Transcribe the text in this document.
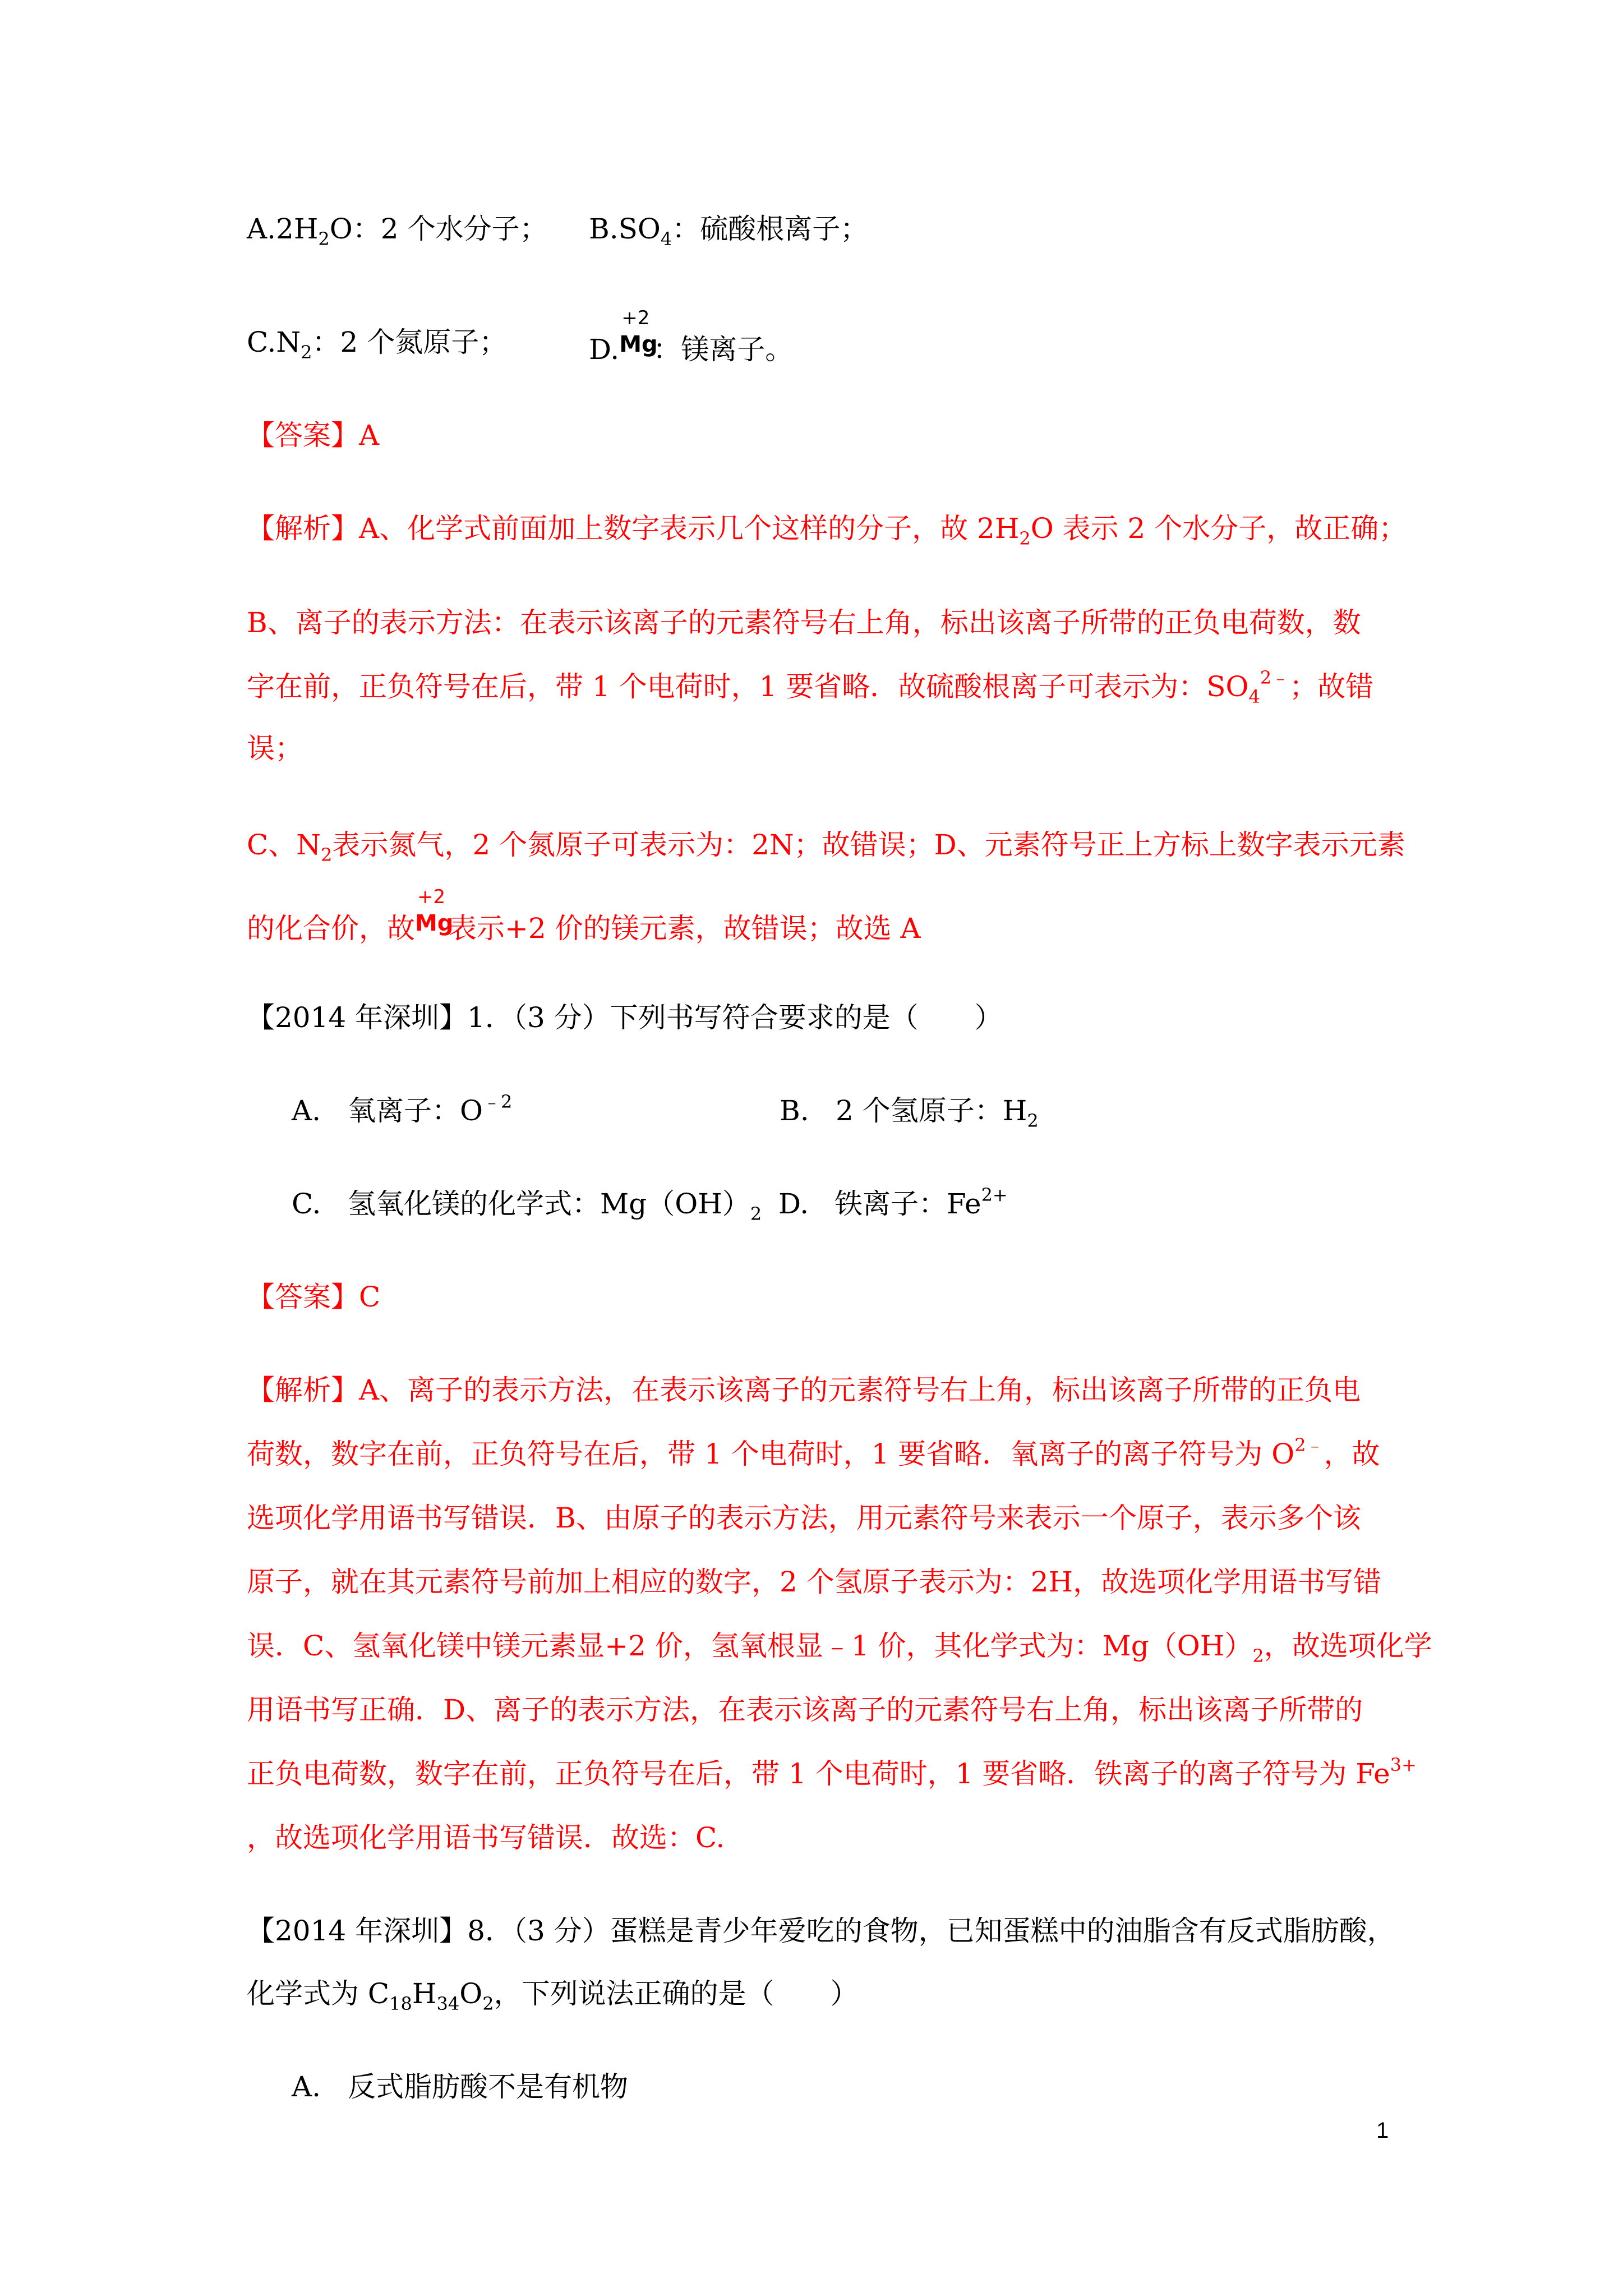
$A.2H_2O$：2 个水分子； $B.SO_4$：硫酸根离子；
$C.N_2$：2 个氮原子；	D.
+2
Mg
：镁离子。
【答案】A
【解析】A、化学式前面加上数字表示几个这样的分子，故 $2H_2O$ 表示 2 个水分子，故正确；
B、离子的表示方法：在表示该离子的元素符号右上角，标出该离子所带的正负电荷数，数
字在前，正负符号在后，带 1 个电荷时，1 要省略．故硫酸根离子可表示为：$SO_4^{2﹣}$；故错
误；
C、$N_2$表示氮气，2 个氮原子可表示为：2N；故错误；D、元素符号正上方标上数字表示元素
的化合价，故
+2
Mg
表示+2 价的镁元素，故错误；故选 A
【2014 年深圳】1．（3 分）下列书写符合要求的是（　　）
A. 氧离子：$O^{﹣2}$	B. 2 个氢原子：$H_2$
C. 氢氧化镁的化学式：$Mg(OH)_2$ D. 铁离子：$Fe^{2+}$
【答案】C
【解析】A、离子的表示方法，在表示该离子的元素符号右上角，标出该离子所带的正负电
荷数，数字在前，正负符号在后，带 1 个电荷时，1 要省略．氧离子的离子符号为 $O^{2﹣}$，故
选项化学用语书写错误．B、由原子的表示方法，用元素符号来表示一个原子，表示多个该
原子，就在其元素符号前加上相应的数字，2 个氢原子表示为：2H，故选项化学用语书写错
误．C、氢氧化镁中镁元素显+2 价，氢氧根显﹣1 价，其化学式为：$Mg(OH)_2$，故选项化学
用语书写正确．D、离子的表示方法，在表示该离子的元素符号右上角，标出该离子所带的
正负电荷数，数字在前，正负符号在后，带 1 个电荷时，1 要省略．铁离子的离子符号为 $Fe^{3+}$
，故选项化学用语书写错误．故选：C.
【2014 年深圳】8．（3 分）蛋糕是青少年爱吃的食物，已知蛋糕中的油脂含有反式脂肪酸，
化学式为 $C_{18}H_{34}O_2$，下列说法正确的是（　　）
A. 反式脂肪酸不是有机物
1
